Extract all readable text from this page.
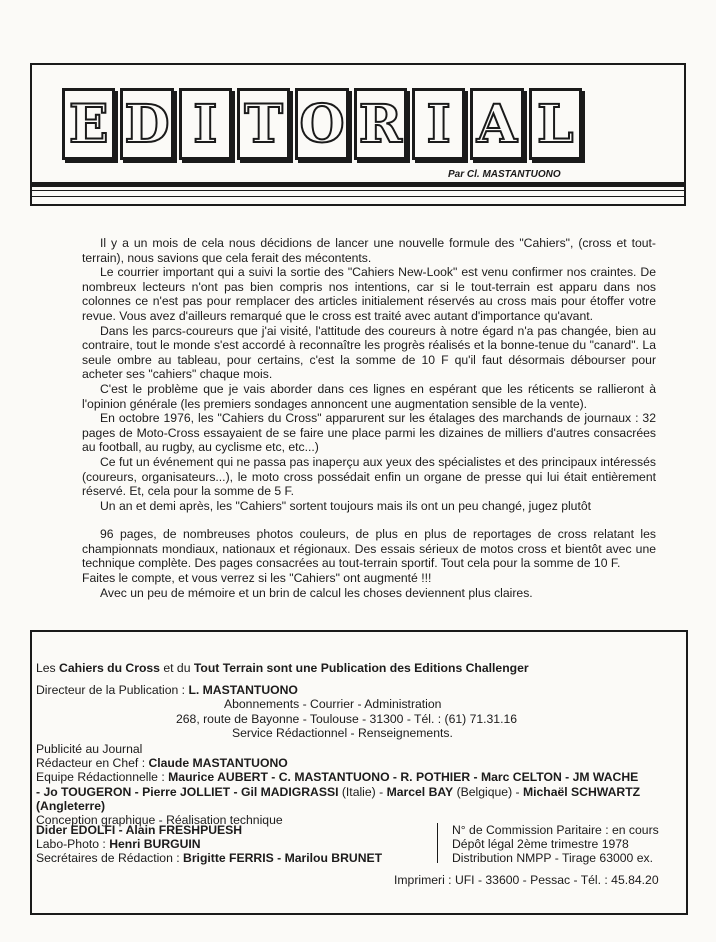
E D I T O R I A L
Par Cl. MASTANTUONO

Il y a un mois de cela nous décidions de lancer une nouvelle formule des "Cahiers", (cross et tout-terrain), nous savions que cela ferait des mécontents.

Le courrier important qui a suivi la sortie des "Cahiers New-Look" est venu confirmer nos craintes. De nombreux lecteurs n'ont pas bien compris nos intentions, car si le tout-terrain est apparu dans nos colonnes ce n'est pas pour remplacer des articles initialement réservés au cross mais pour étoffer votre revue. Vous avez d'ailleurs remarqué que le cross est traité avec autant d'importance qu'avant.

Dans les parcs-coureurs que j'ai visité, l'attitude des coureurs à notre égard n'a pas changée, bien au contraire, tout le monde s'est accordé à reconnaître les progrès réalisés et la bonne-tenue du "canard". La seule ombre au tableau, pour certains, c'est la somme de 10 F qu'il faut désormais débourser pour acheter ses "cahiers" chaque mois.

C'est le problème que je vais aborder dans ces lignes en espérant que les réticents se rallieront à l'opinion générale (les premiers sondages annoncent une augmentation sensible de la vente).

En octobre 1976, les "Cahiers du Cross" apparurent sur les étalages des marchands de journaux : 32 pages de Moto-Cross essayaient de se faire une place parmi les dizaines de milliers d'autres consacrées au football, au rugby, au cyclisme etc, etc...)

Ce fut un événement qui ne passa pas inaperçu aux yeux des spécialistes et des principaux intéressés (coureurs, organisateurs...), le moto cross possédait enfin un organe de presse qui lui était entièrement réservé. Et, cela pour la somme de 5 F.

Un an et demi après, les "Cahiers" sortent toujours mais ils ont un peu changé, jugez plutôt

96 pages, de nombreuses photos couleurs, de plus en plus de reportages de cross relatant les championnats mondiaux, nationaux et régionaux. Des essais sérieux de motos cross et bientôt avec une technique complète. Des pages consacrées au tout-terrain sportif. Tout cela pour la somme de 10 F.

Faites le compte, et vous verrez si les "Cahiers" ont augmenté !!!

Avec un peu de mémoire et un brin de calcul les choses deviennent plus claires.

Les Cahiers du Cross et du Tout Terrain sont une Publication des Editions Challenger
Directeur de la Publication : L. MASTANTUONO
Abonnements - Courrier - Administration
268, route de Bayonne - Toulouse - 31300 - Tél. : (61) 71.31.16
Service Rédactionnel - Renseignements.
Publicité au Journal
Rédacteur en Chef : Claude MASTANTUONO
Equipe Rédactionnelle : Maurice AUBERT - C. MASTANTUONO - R. POTHIER - Marc CELTON - JM WACHE
- Jo TOUGERON - Pierre JOLLIET - Gil MADIGRASSI (Italie) - Marcel BAY (Belgique) - Michaël SCHWARTZ
(Angleterre)
Conception graphique - Réalisation technique
Dider EDOLFI - Alain FRESHPUESH
Labo-Photo : Henri BURGUIN
Secrétaires de Rédaction : Brigitte FERRIS - Marilou BRUNET
N° de Commission Paritaire : en cours
Dépôt légal 2ème trimestre 1978
Distribution NMPP - Tirage 63000 ex.
Imprimeri : UFI - 33600 - Pessac - Tél. : 45.84.20
